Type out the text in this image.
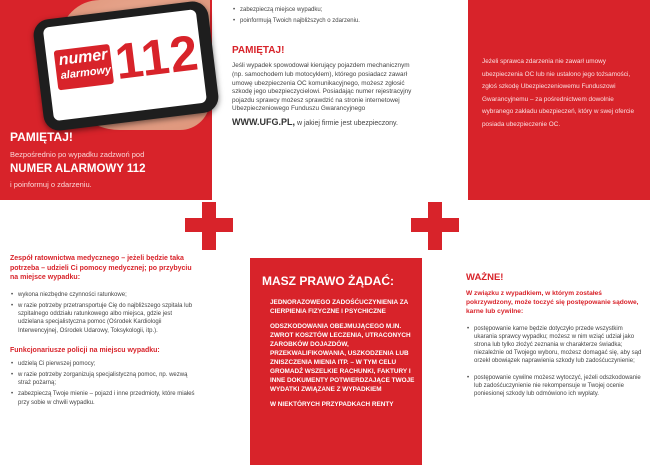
numer
alarmowy 112
PAMIĘTAJ!
Bezpośrednio po wypadku zadzwoń pod
NUMER ALARMOWY 112
i poinformuj o zdarzeniu.
• zabezpieczą miejsce wypadku;
• poinformują Twoich najbliższych o zdarzeniu.
PAMIĘTAJ!
Jeśli wypadek spowodował kierujący pojazdem mechanicznym (np. samochodem lub motocyklem), którego posiadacz zawarł umowę ubezpieczenia OC komunikacyjnego, możesz zgłosić szkodę jego ubezpieczycielowi. Posiadając numer rejestracyjny pojazdu sprawcy możesz sprawdzić na stronie internetowej Ubezpieczeniowego Funduszu Gwarancyjnego
WWW.UFG.PL, w jakiej firmie jest ubezpieczony.
Jeżeli sprawca zdarzenia nie zawarł umowy ubezpieczenia OC lub nie ustalono jego tożsamości, zgłoś szkodę Ubezpieczeniowemu Funduszowi Gwarancyjnemu – za pośrednictwem dowolnie wybranego zakładu ubezpieczeń, który w swej ofercie posiada ubezpieczenie OC.
Zespół ratownictwa medycznego – jeżeli będzie taka potrzeba – udzieli Ci pomocy medycznej; po przybyciu na miejsce wypadku:
• wykona niezbędne czynności ratunkowe;
• w razie potrzeby przetransportuje Cię do najbliższego szpitala lub szpitalnego oddziału ratunkowego albo miejsca, gdzie jest udzielana specjalistyczna pomoc (Ośrodek Kardiologii Interwencyjnej, Ośrodek Udarowy, Toksykologii, itp.).
Funkcjonariusze policji na miejscu wypadku:
• udzielą Ci pierwszej pomocy;
• w razie potrzeby zorganizują specjalistyczną pomoc, np. wezwą straż pożarną;
• zabezpieczą Twoje mienie – pojazd i inne przedmioty, które miałeś przy sobie w chwili wypadku.
MASZ PRAWO ŻĄDAĆ:
JEDNORAZOWEGO ZADOŚĆUCZYNIENIA ZA CIERPIENIA FIZYCZNE I PSYCHICZNE
ODSZKODOWANIA OBEJMUJĄCEGO M.IN. ZWROT KOSZTÓW LECZENIA, UTRACONYCH ZAROBKÓW DOJAZDÓW, PRZEKWALIFIKOWANIA, USZKODZENIA LUB ZNISZCZENIA MIENIA ITP. – W TYM CELU GROMADŹ WSZELKIE RACHUNKI, FAKTURY I INNE DOKUMENTY POTWIERDZAJĄCE TWOJE WYDATKI ZWIĄZANE Z WYPADKIEM
W NIEKTÓRYCH PRZYPADKACH RENTY
WAŻNE!
W związku z wypadkiem, w którym zostałeś pokrzywdzony, może toczyć się postępowanie sądowe, karne lub cywilne:
• postępowanie karne będzie dotyczyło przede wszystkim ukarania sprawcy wypadku; możesz w nim wziąć udział jako strona lub tylko złożyć zeznania w charakterze świadka; niezależnie od Twojego wyboru, możesz domagać się, aby sąd orzekł obowiązek naprawienia szkody lub zadośćuczynienie;
• postępowanie cywilne możesz wytoczyć, jeżeli odszkodowanie lub zadośćuczynienie nie rekompensuje w Twojej ocenie poniesionej szkody lub odmówiono ich wypłaty.
